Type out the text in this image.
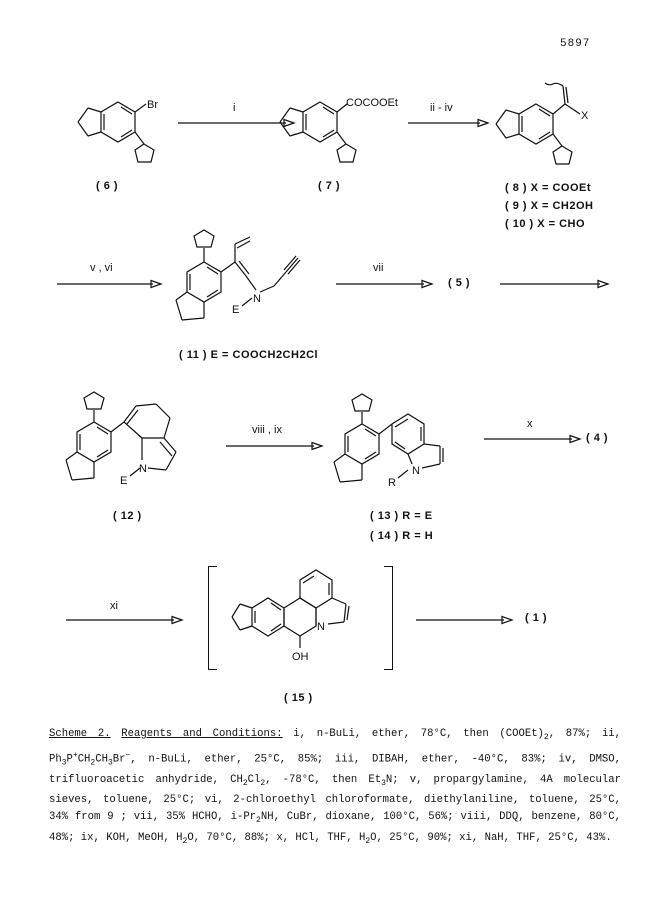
5897
Br
( 6 )
i	COCOOEt
( 7 )
ii - iv
X
( 8 ) X = COOEt
( 9 ) X = CH2OH
( 10 ) X = CHO
v , vi
N
E
( 11 ) E = COOCH2CH2Cl
vii
( 5 )
N
E
( 12 )
viii , ix
N
R
( 13 ) R = E
( 14 ) R = H
x
( 4 )
xi
N
OH
( 15 )
( 1 )

Scheme 2. Reagents and Conditions: i, n-BuLi, ether, 78°C, then $(COOEt)_2$, 87%; ii, $Ph_3P^+CH_2CH_3Br^-$, n-BuLi, ether, 25°C, 85%; iii, DIBAH, ether, -40°C, 83%; iv, DMSO, trifluoroacetic anhydride, $CH_2Cl_2$, -78°C, then $Et_3N$; v, propargylamine, 4A molecular sieves, toluene, 25°C; vi, 2-chloroethyl chloroformate, diethylaniline, toluene, 25°C, 34% from 9 ; vii, 35% HCHO, $i-Pr_2NH$, CuBr, dioxane, 100°C, 56%; viii, DDQ, benzene, 80°C, 48%; ix, KOH, MeOH, $H_2O$, 70°C, 88%; x, HCl, THF, $H_2O$, 25°C, 90%; xi, NaH, THF, 25°C, 43%.
